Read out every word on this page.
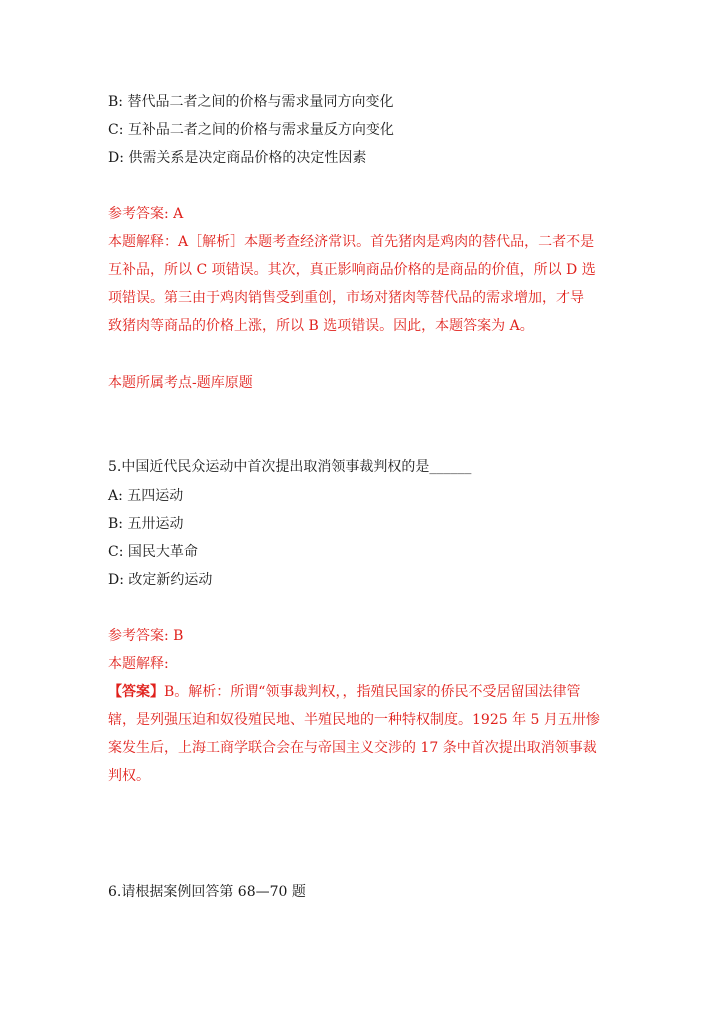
B: 替代品二者之间的价格与需求量同方向变化
C: 互补品二者之间的价格与需求量反方向变化
D: 供需关系是决定商品价格的决定性因素
参考答案: A
本题解释：A［解析］本题考查经济常识。首先猪肉是鸡肉的替代品，二者不是
互补品，所以 C 项错误。其次，真正影响商品价格的是商品的价值，所以 D 选
项错误。第三由于鸡肉销售受到重创，市场对猪肉等替代品的需求增加，才导
致猪肉等商品的价格上涨，所以 B 选项错误。因此，本题答案为 A。
本题所属考点-题库原题
5.中国近代民众运动中首次提出取消领事裁判权的是______
A: 五四运动
B: 五卅运动
C: 国民大革命
D: 改定新约运动
参考答案: B
本题解释:
【答案】B。解析：所谓“领事裁判权，，指殖民国家的侨民不受居留国法律管
辖，是列强压迫和奴役殖民地、半殖民地的一种特权制度。1925 年 5 月五卅惨
案发生后，上海工商学联合会在与帝国主义交涉的 17 条中首次提出取消领事裁
判权。
6.请根据案例回答第 68—70 题
